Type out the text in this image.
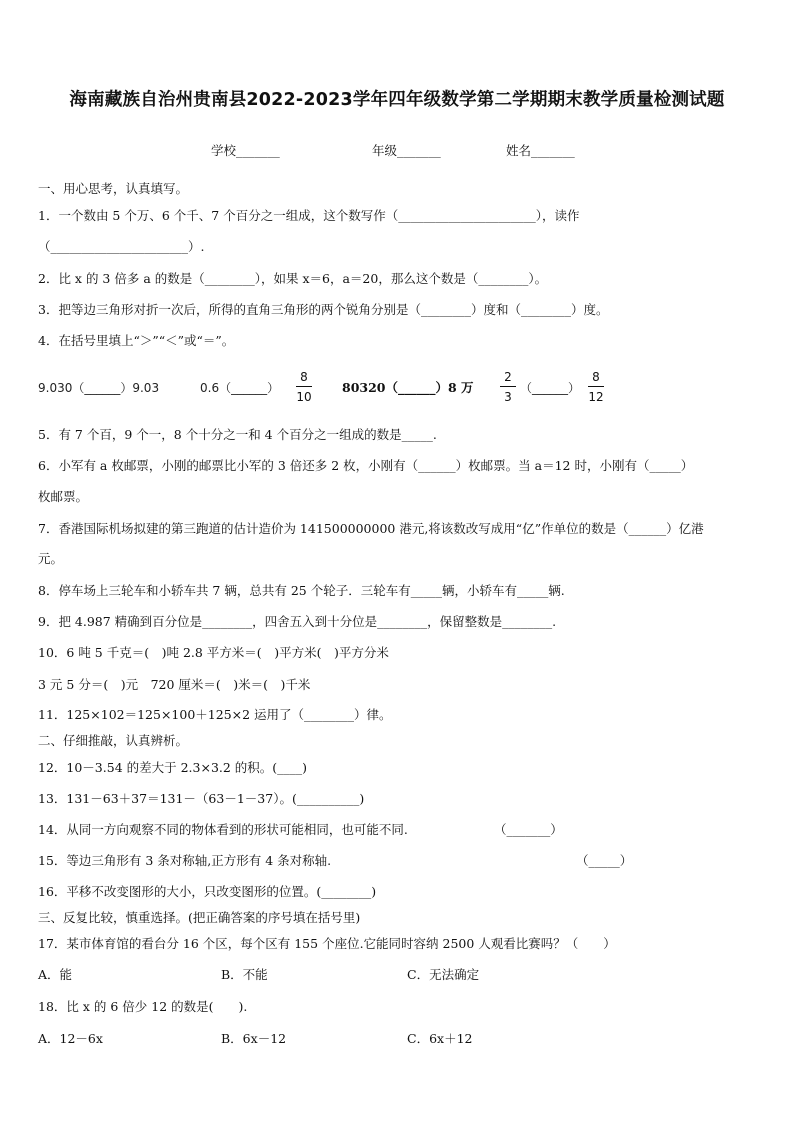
海南藏族自治州贵南县2022-2023学年四年级数学第二学期期末教学质量检测试题
学校_______	年级_______	姓名_______
一、用心思考，认真填写。
1．一个数由 5 个万、6 个千、7 个百分之一组成，这个数写作（______________________），读作
（______________________）.
2．比 x 的 3 倍多 a 的数是（________），如果 x＝6，a＝20，那么这个数是（________）。
3．把等边三角形对折一次后，所得的直角三角形的两个锐角分别是（________）度和（________）度。
4．在括号里填上“＞”“＜”或“＝”。
9.030（______）9.03	0.6（______）
8
10
80320（______）8 万
2
3
（______）
8
12
5．有 7 个百，9 个一，8 个十分之一和 4 个百分之一组成的数是_____.
6．小军有 a 枚邮票，小刚的邮票比小军的 3 倍还多 2 枚，小刚有（______）枚邮票。当 a＝12 时，小刚有（_____）
枚邮票。
7．香港国际机场拟建的第三跑道的估计造价为 141500000000 港元,将该数改写成用“亿”作单位的数是（______）亿港
元。
8．停车场上三轮车和小轿车共 7 辆，总共有 25 个轮子．三轮车有_____辆，小轿车有_____辆.
9．把 4.987 精确到百分位是________，四舍五入到十分位是________，保留整数是________.
10．6 吨 5 千克＝(　)吨 2.8 平方米＝(　)平方米(　)平方分米
3 元 5 分＝(　)元　720 厘米＝(　)米＝(　)千米
11．125×102＝125×100＋125×2 运用了（________）律。
二、仔细推敲，认真辨析。
12．10－3.54 的差大于 2.3×3.2 的积。(____)
13．131－63＋37＝131－（63－1－37）。(__________)
14．从同一方向观察不同的物体看到的形状可能相同，也可能不同.	（_______）
15．等边三角形有 3 条对称轴,正方形有 4 条对称轴.	（_____）
16．平移不改变图形的大小，只改变图形的位置。(________)
三、反复比较，慎重选择。(把正确答案的序号填在括号里)
17．某市体育馆的看台分 16 个区，每个区有 155 个座位.它能同时容纳 2500 人观看比赛吗？（　　）
A．能	B．不能	C．无法确定
18．比 x 的 6 倍少 12 的数是(　　).
A．12－6x	B．6x－12	C．6x＋12
